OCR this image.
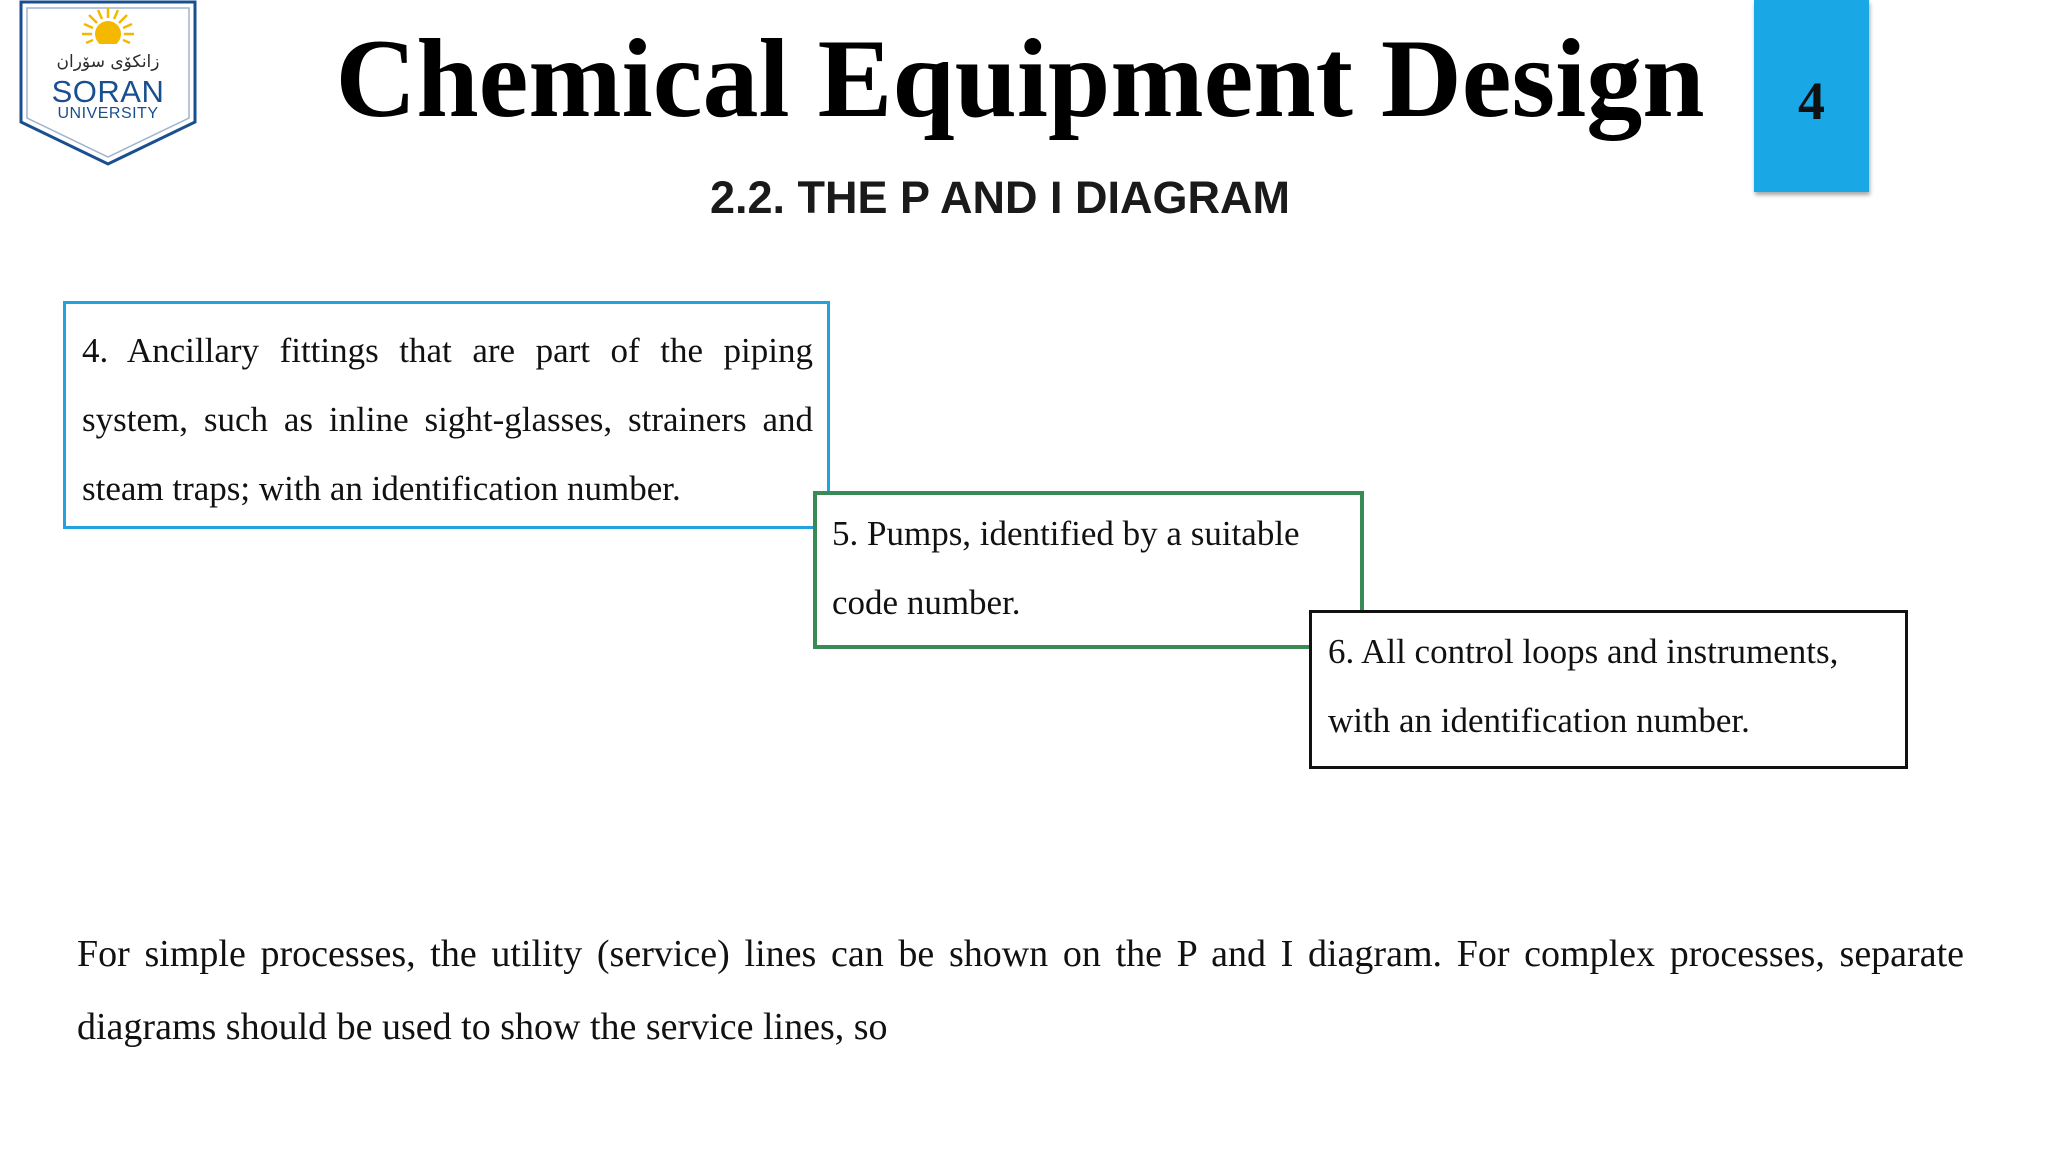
زانكۆی سۆران
SORAN
UNIVERSITY	Chemical Equipment Design	4
2.2. THE P AND I DIAGRAM

4. Ancillary fittings that are part of the piping system, such as inline sight-glasses, strainers and steam traps; with an identification number.

5. Pumps, identified by a suitable code number.

6. All control loops and instruments, with an identification number.

For simple processes, the utility (service) lines can be shown on the P and I diagram. For complex processes, separate diagrams should be used to show the service lines, so
